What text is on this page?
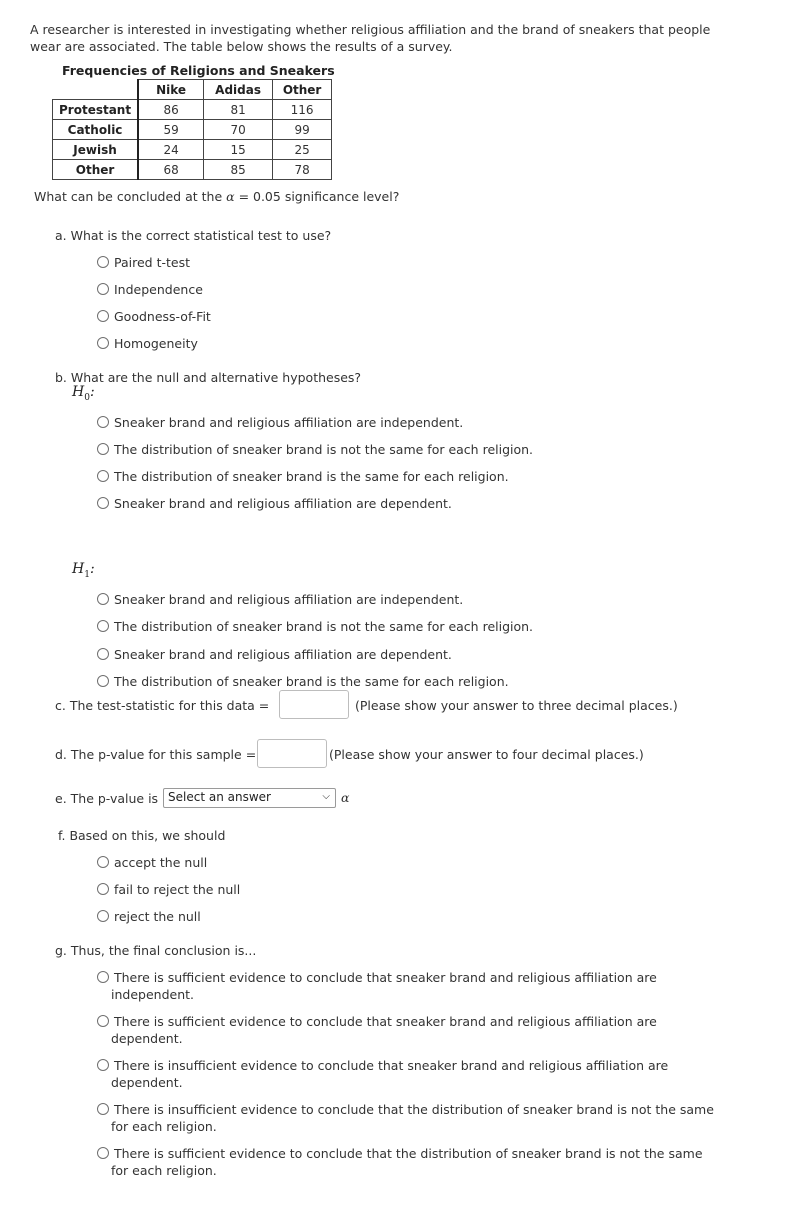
A researcher is interested in investigating whether religious affiliation and the brand of sneakers that people
wear are associated. The table below shows the results of a survey.
Frequencies of Religions and Sneakers
	Nike	Adidas	Other
Protestant	86	81	116
Catholic	59	70	99
Jewish	24	15	25
Other	68	85	78
What can be concluded at the α = 0.05 significance level?
a. What is the correct statistical test to use?
Paired t-test
Independence
Goodness-of-Fit
Homogeneity
b. What are the null and alternative hypotheses?
$H_0$:
Sneaker brand and religious affiliation are independent.
The distribution of sneaker brand is not the same for each religion.
The distribution of sneaker brand is the same for each religion.
Sneaker brand and religious affiliation are dependent.
$H_1$:
Sneaker brand and religious affiliation are independent.
The distribution of sneaker brand is not the same for each religion.
Sneaker brand and religious affiliation are dependent.
The distribution of sneaker brand is the same for each religion.
c. The test-statistic for this data =	(Please show your answer to three decimal places.)
d. The p-value for this sample =	(Please show your answer to four decimal places.)
e. The p-value is Select an answer	⌵ α
f. Based on this, we should
accept the null
fail to reject the null
reject the null
g. Thus, the final conclusion is...
There is sufficient evidence to conclude that sneaker brand and religious affiliation are
independent.
There is sufficient evidence to conclude that sneaker brand and religious affiliation are
dependent.
There is insufficient evidence to conclude that sneaker brand and religious affiliation are
dependent.
There is insufficient evidence to conclude that the distribution of sneaker brand is not the same
for each religion.
There is sufficient evidence to conclude that the distribution of sneaker brand is not the same
for each religion.
